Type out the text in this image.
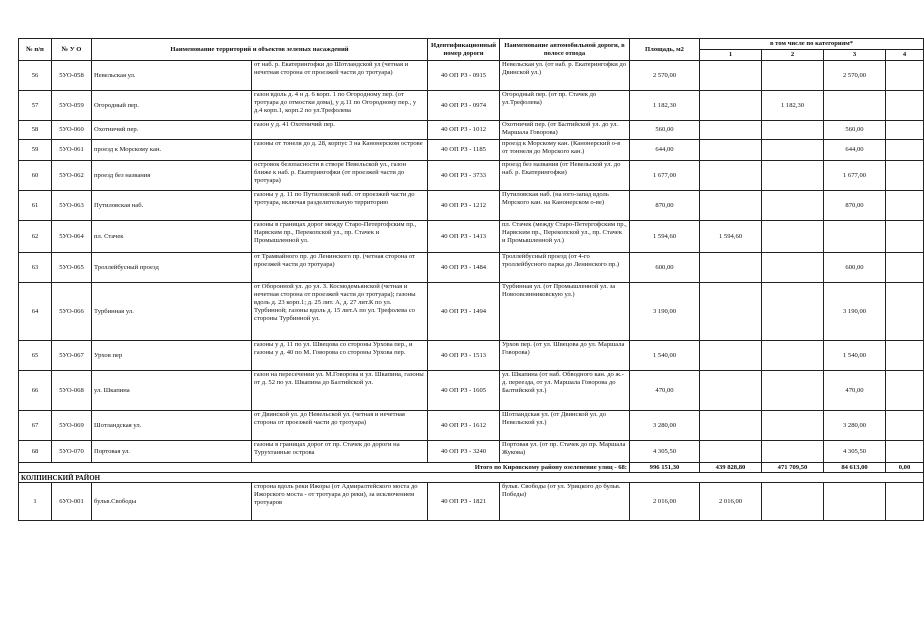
№ п/п	№ У О	Наименование территорий и объектов зеленых насаждений		Идентификационный номер дороги	Наименование автомобильной дороги, в полосе отвода	Площадь, м2	в том числе по категориям*			
							1	2	3	4
56	5УО-058	Невельская ул.	от наб. р. Екатерингофки до Шотландской ул (четная и нечетная сторона от проезжей части до тротуара)	40 ОП РЗ - 0915	Невельская ул. (от наб. р. Екатерингофки до Двинской ул.)	2 570,00			2 570,00	
57	5УО-059	Огородный пер.	газон вдоль д. 4 н д. 6 корп. 1 по Огородному пер. (от тротуара до отмостки дома), у д.11 по Огородному пер., у д.4 корп.1, корп.2 по ул.Трефолева	40 ОП РЗ - 0974	Огородный пер. (от пр. Стачек до ул.Трефолева)	1 182,30		1 182,30		
58	5УО-060	Охотничий пер.	газон у д. 41 Охотничий пер.	40 ОП РЗ - 1012	Охотничий пер. (от Балтийской ул. до ул. Маршала Говорова)	560,00			560,00	
59	5УО-061	проезд к Морскому кан.	газоны от тонеля до д. 28, корпус 3 на Канонерском острове	40 ОП РЗ - 1185	проезд к Морскому кан. (Канонерский о-в от тоннеля до Морского кан.)	644,00			644,00	
60	5УО-062	проезд без названия	островок безопасности в створе Невельской ул., газон ближе к наб. р. Екатерингофки (от проезжей части до тротуара)	40 ОП РЗ - 3733	проезд без названия (от Невельской ул. до наб. р. Екатерингофки)	1 677,00			1 677,00	
61	5УО-063	Путиловская наб.	газоны у д. 11 по Путиловской наб. от проезжей части до тротуара, включая разделительную территорию	40 ОП РЗ - 1212	Путиловская наб. (на юго-запад вдоль Морского кан. на Канонерском о-ве)	870,00			870,00	
62	5УО-064	пл. Стачек	газоны в границах дорог между Старо-Петергофским пр., Нарвским пр., Перекопской ул., пр. Стачек и Промышленной ул.	40 ОП РЗ - 1413	пл. Стачек (между Старо-Петергофским пр., Нарвским пр., Перекопской ул., пр. Стачек и Промышленной ул.)	1 594,60	1 594,60			
63	5УО-065	Троллейбусный проезд	от Трамвайного пр. до Ленинского пр. (четная сторона от проезжей части до тротуара)	40 ОП РЗ - 1484	Троллейбусный проезд (от 4-го троллейбусного парка до Ленинского пр.)	600,00			600,00	
64	5УО-066	Турбинная ул.	от Оборонной ул. до ул. З. Космодемьянской (четная и нечетная сторона от проезжей части до тротуара); газоны вдоль д. 23 корп.1; д. 25 лит. А, д. 27 лит.К по ул. Турбинной; газоны вдоль д. 15 лит.А по ул. Трефолева со стороны Турбинной ул.	40 ОП РЗ - 1494	Турбинная ул. (от Промышленной ул. за Новоовсянниковскую ул.)	3 190,00			3 190,00	
65	5УО-067	Урхов пер	газоны у д. 11 по ул. Швецова со стороны Урхова пер., и газоны у д. 40 по М. Говорова со стороны Урхова пер.	40 ОП РЗ - 1513	Урхов пер. (от ул. Швецова до ул. Маршала Говорова)	1 540,00			1 540,00	
66	5УО-068	ул. Шкапина	газон на пересечении ул. М.Говорова и ул. Шкапина, газоны от д. 52 по ул. Шкапина до Балтийской ул.	40 ОП РЗ - 1605	ул. Шкапина (от наб. Обводного кан. до ж.-д. переезда, от ул. Маршала Говорова до Балтийской ул.)	470,00			470,00	
67	5УО-069	Шотландская ул.	от Двинской ул. до Невельской ул. (четная и нечетная сторона от проезжей части до тротуара)	40 ОП РЗ - 1612	Шотландская ул. (от Двинской ул. до Невельской ул.)	3 280,00			3 280,00	
68	5УО-070	Портовая ул.	газоны в границах дорог от пр. Стачек до дороги на Турухтанные острова	40 ОП РЗ - 3240	Портовая ул. (от пр. Стачек до пр. Маршала Жукова)	4 305,50			4 305,50	
Итого по Кировскому району озеленение улиц - 68:						996 151,30	439 828,80	471 709,50	84 613,00	0,00
КОЛПИНСКИЙ РАЙОН										
1	6УО-001	бульв.Свободы	сторона вдоль реки Ижоры (от Адмиралтейского моста до Ижорского моста - от тротуара до реки), за исключением тротуаров	40 ОП РЗ - 1821	бульв. Свободы (от ул. Урицкого до бульв. Победы)	2 016,00	2 016,00			
